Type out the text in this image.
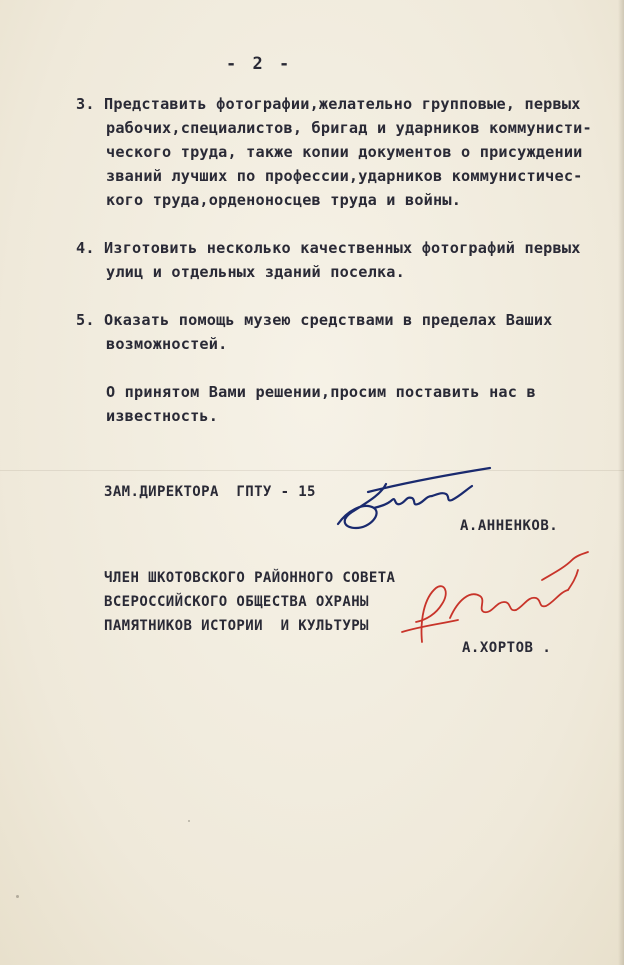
- 2 -
3. Представить фотографии,желательно групповые, первых
рабочих,специалистов, бригад и ударников коммунисти-
ческого труда, также копии документов о присуждении
званий лучших по профессии,ударников коммунистичес-
кого труда,орденоносцев труда и войны.
4. Изготовить несколько качественных фотографий первых
улиц и отдельных зданий поселка.
5. Оказать помощь музею средствами в пределах Ваших
возможностей.
О принятом Вами решении,просим поставить нас в
известность.
ЗАМ.ДИРЕКТОРА  ГПТУ - 15
А.АННЕНКОВ.
ЧЛЕН ШКОТОВСКОГО РАЙОННОГО СОВЕТА
ВСЕРОССИЙСКОГО ОБЩЕСТВА ОХРАНЫ
ПАМЯТНИКОВ ИСТОРИИ  И КУЛЬТУРЫ
А.ХОРТОВ .
